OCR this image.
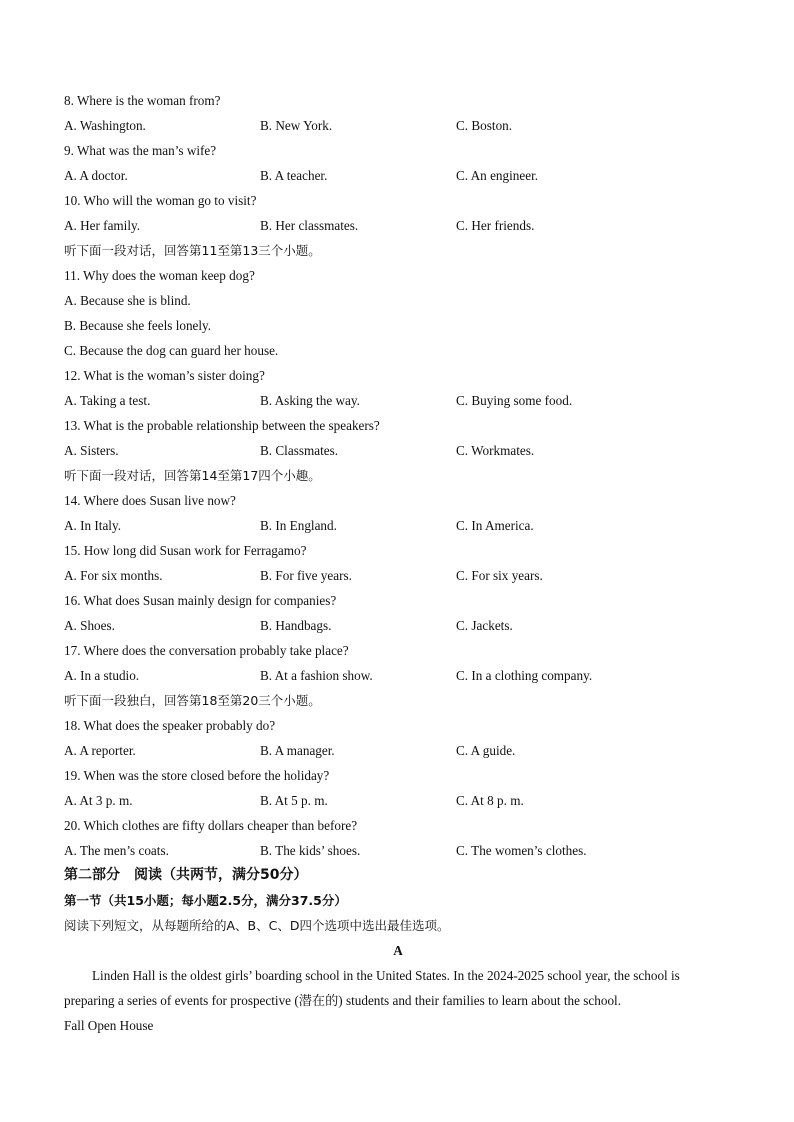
8. Where is the woman from?
A. Washington.	B. New York.	C. Boston.
9. What was the man’s wife?
A. A doctor.	B. A teacher.	C. An engineer.
10. Who will the woman go to visit?
A. Her family.	B. Her classmates.	C. Her friends.
听下面一段对话，回答第11至第13三个小题。
11. Why does the woman keep dog?
A. Because she is blind.
B. Because she feels lonely.
C. Because the dog can guard her house.
12. What is the woman’s sister doing?
A. Taking a test.	B. Asking the way.	C. Buying some food.
13. What is the probable relationship between the speakers?
A. Sisters.	B. Classmates.	C. Workmates.
听下面一段对话，回答第14至第17四个小趣。
14. Where does Susan live now?
A. In Italy.	B. In England.	C. In America.
15. How long did Susan work for Ferragamo?
A. For six months.	B. For five years.	C. For six years.
16. What does Susan mainly design for companies?
A. Shoes.	B. Handbags.	C. Jackets.
17. Where does the conversation probably take place?
A. In a studio.	B. At a fashion show.	C. In a clothing company.
听下面一段独白，回答第18至第20三个小题。
18. What does the speaker probably do?
A. A reporter.	B. A manager.	C. A guide.
19. When was the store closed before the holiday?
A. At 3 p. m.	B. At 5 p. m.	C. At 8 p. m.
20. Which clothes are fifty dollars cheaper than before?
A. The men’s coats.	B. The kids’ shoes.	C. The women’s clothes.
第二部分　阅读（共两节，满分50分）
第一节（共15小题；每小题2.5分，满分37.5分）
阅读下列短文，从每题所给的A、B、C、D四个选项中选出最佳选项。
A
Linden Hall is the oldest girls’ boarding school in the United States. In the 2024-2025 school year, the school is preparing a series of events for prospective (潜在的) students and their families to learn about the school.
Fall Open House
